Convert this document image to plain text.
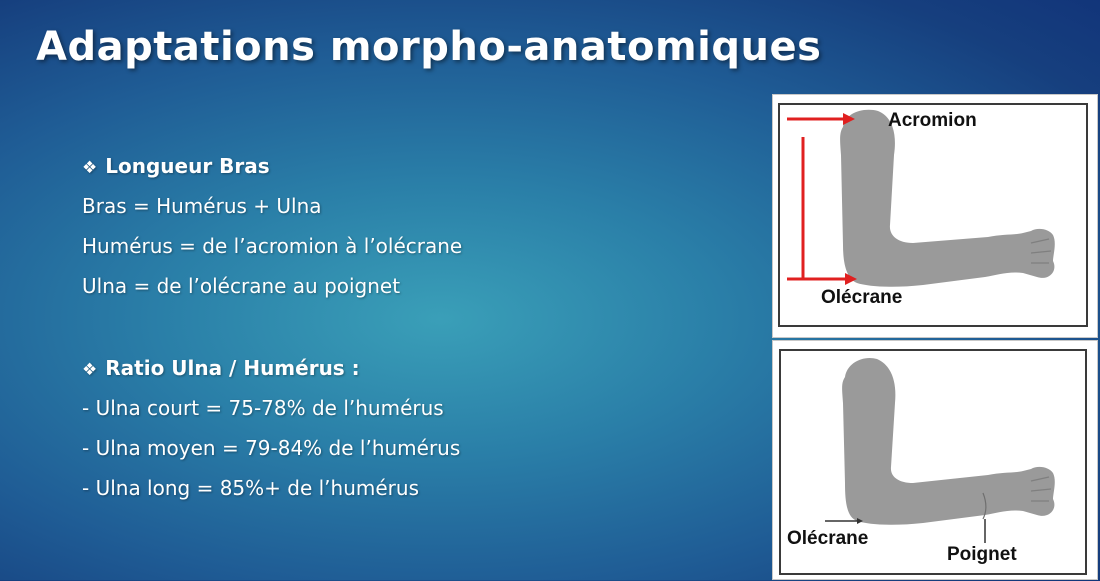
Adaptations morpho-anatomiques
❖ Longueur Bras
Bras = Humérus + Ulna
Humérus = de l’acromion à l’olécrane
Ulna = de l’olécrane au poignet
❖ Ratio Ulna / Humérus :
- Ulna court = 75-78% de l’humérus
- Ulna moyen = 79-84% de l’humérus
- Ulna long = 85%+ de l’humérus
Acromion
Olécrane
Olécrane
Poignet
